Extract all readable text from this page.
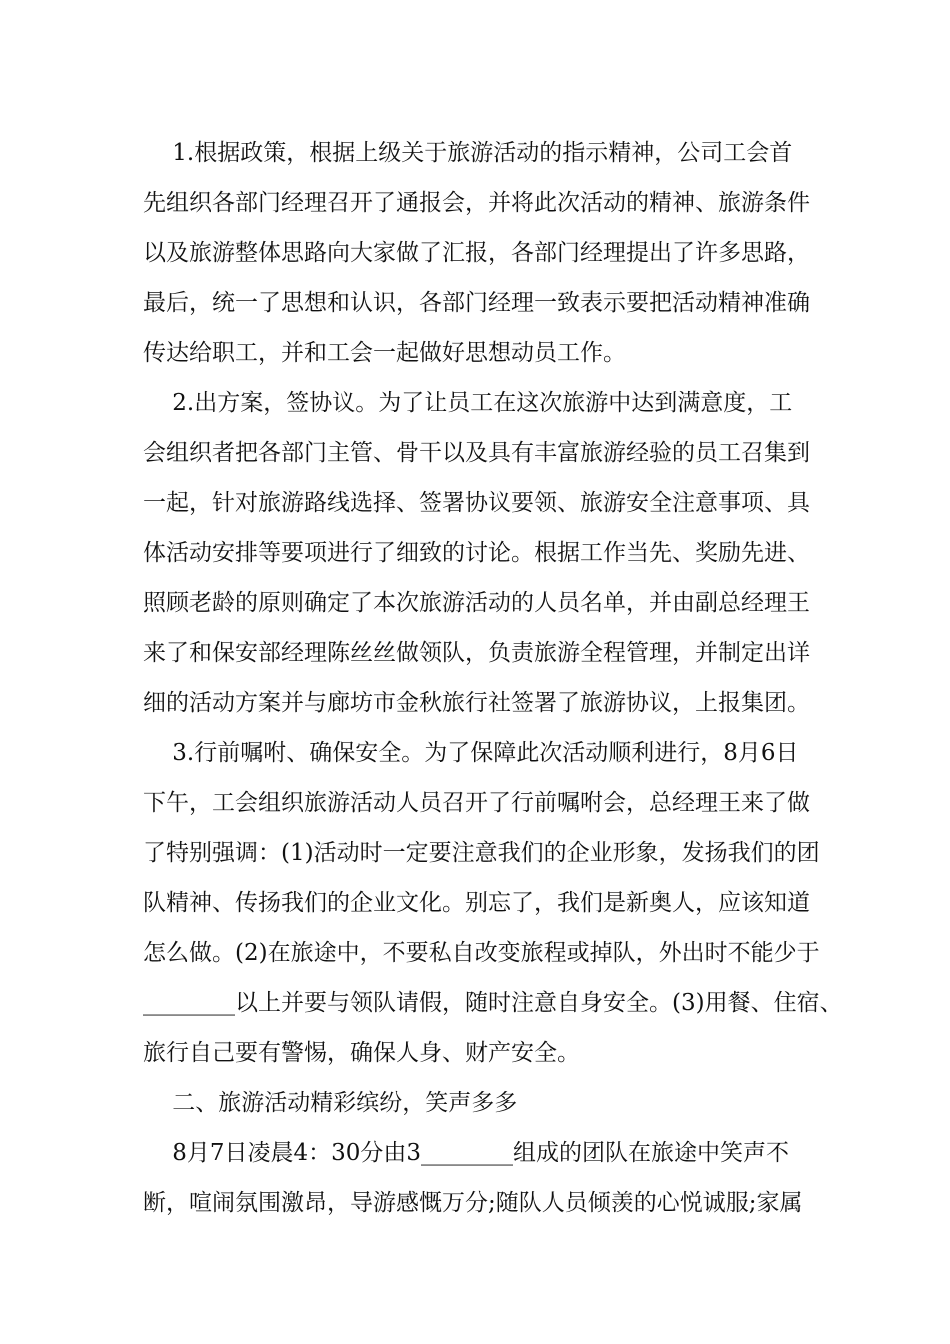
1.根据政策，根据上级关于旅游活动的指示精神，公司工会首
先组织各部门经理召开了通报会，并将此次活动的精神、旅游条件
以及旅游整体思路向大家做了汇报，各部门经理提出了许多思路，
最后，统一了思想和认识，各部门经理一致表示要把活动精神准确
传达给职工，并和工会一起做好思想动员工作。
2.出方案，签协议。为了让员工在这次旅游中达到满意度，工
会组织者把各部门主管、骨干以及具有丰富旅游经验的员工召集到
一起，针对旅游路线选择、签署协议要领、旅游安全注意事项、具
体活动安排等要项进行了细致的讨论。根据工作当先、奖励先进、
照顾老龄的原则确定了本次旅游活动的人员名单，并由副总经理王
来了和保安部经理陈丝丝做领队，负责旅游全程管理，并制定出详
细的活动方案并与廊坊市金秋旅行社签署了旅游协议，上报集团。
3.行前嘱咐、确保安全。为了保障此次活动顺利进行，8月6日
下午，工会组织旅游活动人员召开了行前嘱咐会，总经理王来了做
了特别强调：(1)活动时一定要注意我们的企业形象，发扬我们的团
队精神、传扬我们的企业文化。别忘了，我们是新奥人，应该知道
怎么做。(2)在旅途中，不要私自改变旅程或掉队，外出时不能少于
________以上并要与领队请假，随时注意自身安全。(3)用餐、住宿、
旅行自己要有警惕，确保人身、财产安全。
二、旅游活动精彩缤纷，笑声多多
8月7日凌晨4：30分由3________组成的团队在旅途中笑声不
断，喧闹氛围激昂，导游感慨万分;随队人员倾羡的心悦诚服;家属
